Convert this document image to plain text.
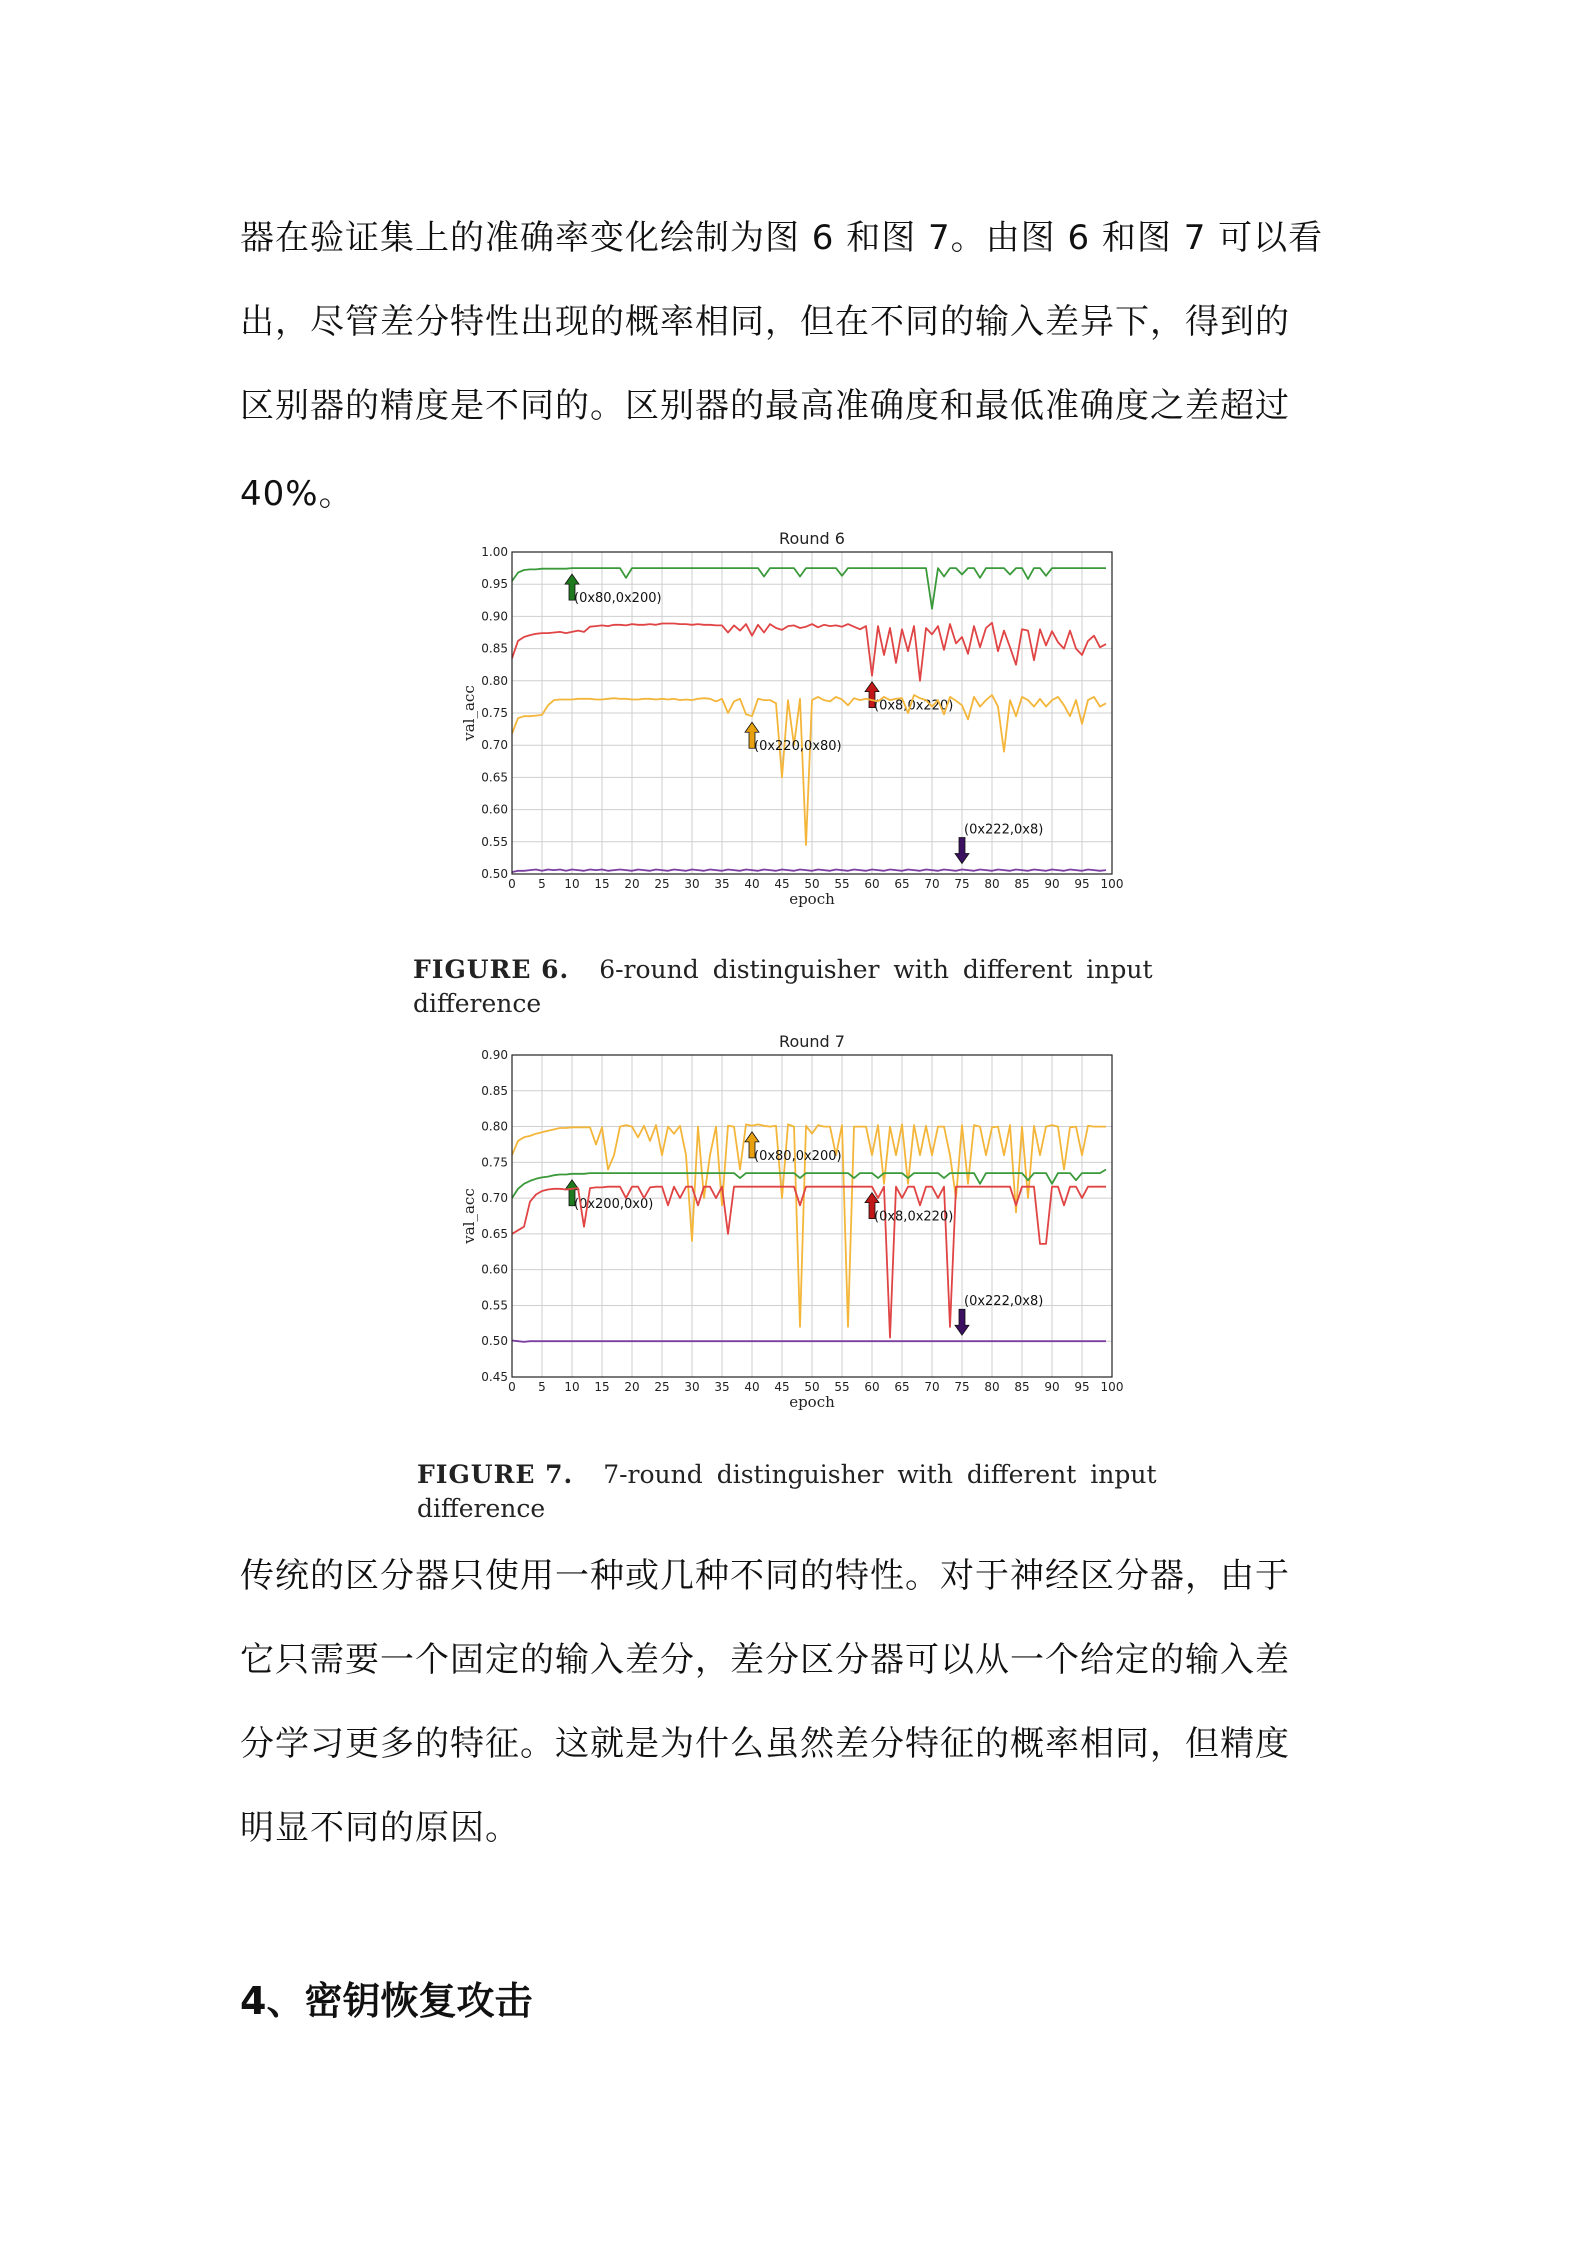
器在验证集上的准确率变化绘制为图 6 和图 7。由图 6 和图 7 可以看
出，尽管差分特性出现的概率相同，但在不同的输入差异下，得到的
区别器的精度是不同的。区别器的最高准确度和最低准确度之差超过
40%。
Round 6
0 5 10 15 20 25 30 35 40 45 50 55 60 65 70 75 80 85 90 95 100
0.50
0.55
0.60
0.65
0.70
0.75
0.80
0.85
0.90
0.95
1.00
epoch
val_acc
(0x80,0x200)
(0x8,0x220)
(0x220,0x80)
(0x222,0x8)
FIGURE 6. 6-round distinguisher with different input
difference
Round 7
0 5 10 15 20 25 30 35 40 45 50 55 60 65 70 75 80 85 90 95 100
0.45
0.50
0.55
0.60
0.65
0.70
0.75
0.80
0.85
0.90
epoch
val_acc
(0x80,0x200)
(0x200,0x0)
(0x8,0x220)
(0x222,0x8)
FIGURE 7. 7-round distinguisher with different input
difference
传统的区分器只使用一种或几种不同的特性。对于神经区分器，由于
它只需要一个固定的输入差分，差分区分器可以从一个给定的输入差
分学习更多的特征。这就是为什么虽然差分特征的概率相同，但精度
明显不同的原因。
4、密钥恢复攻击
